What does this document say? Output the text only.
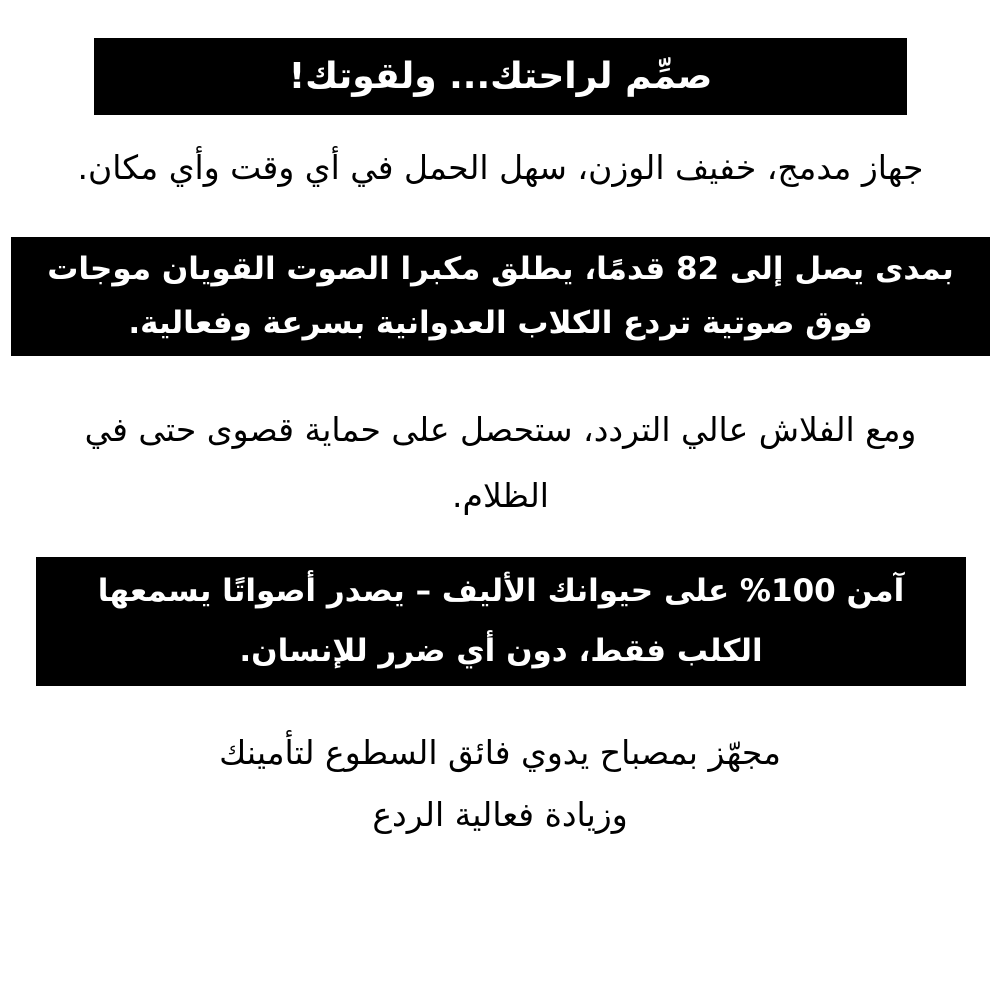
صمِّم لراحتك... ولقوتك!
جهاز مدمج، خفيف الوزن، سهل الحمل في أي وقت وأي مكان.
بمدى يصل إلى 82 قدمًا، يطلق مكبرا الصوت القويان موجات
فوق صوتية تردع الكلاب العدوانية بسرعة وفعالية.
ومع الفلاش عالي التردد، ستحصل على حماية قصوى حتى في
الظلام.
آمن 100% على حيوانك الأليف – يصدر أصواتًا يسمعها
الكلب فقط، دون أي ضرر للإنسان.
مجهّز بمصباح يدوي فائق السطوع لتأمينك
وزيادة فعالية الردع
